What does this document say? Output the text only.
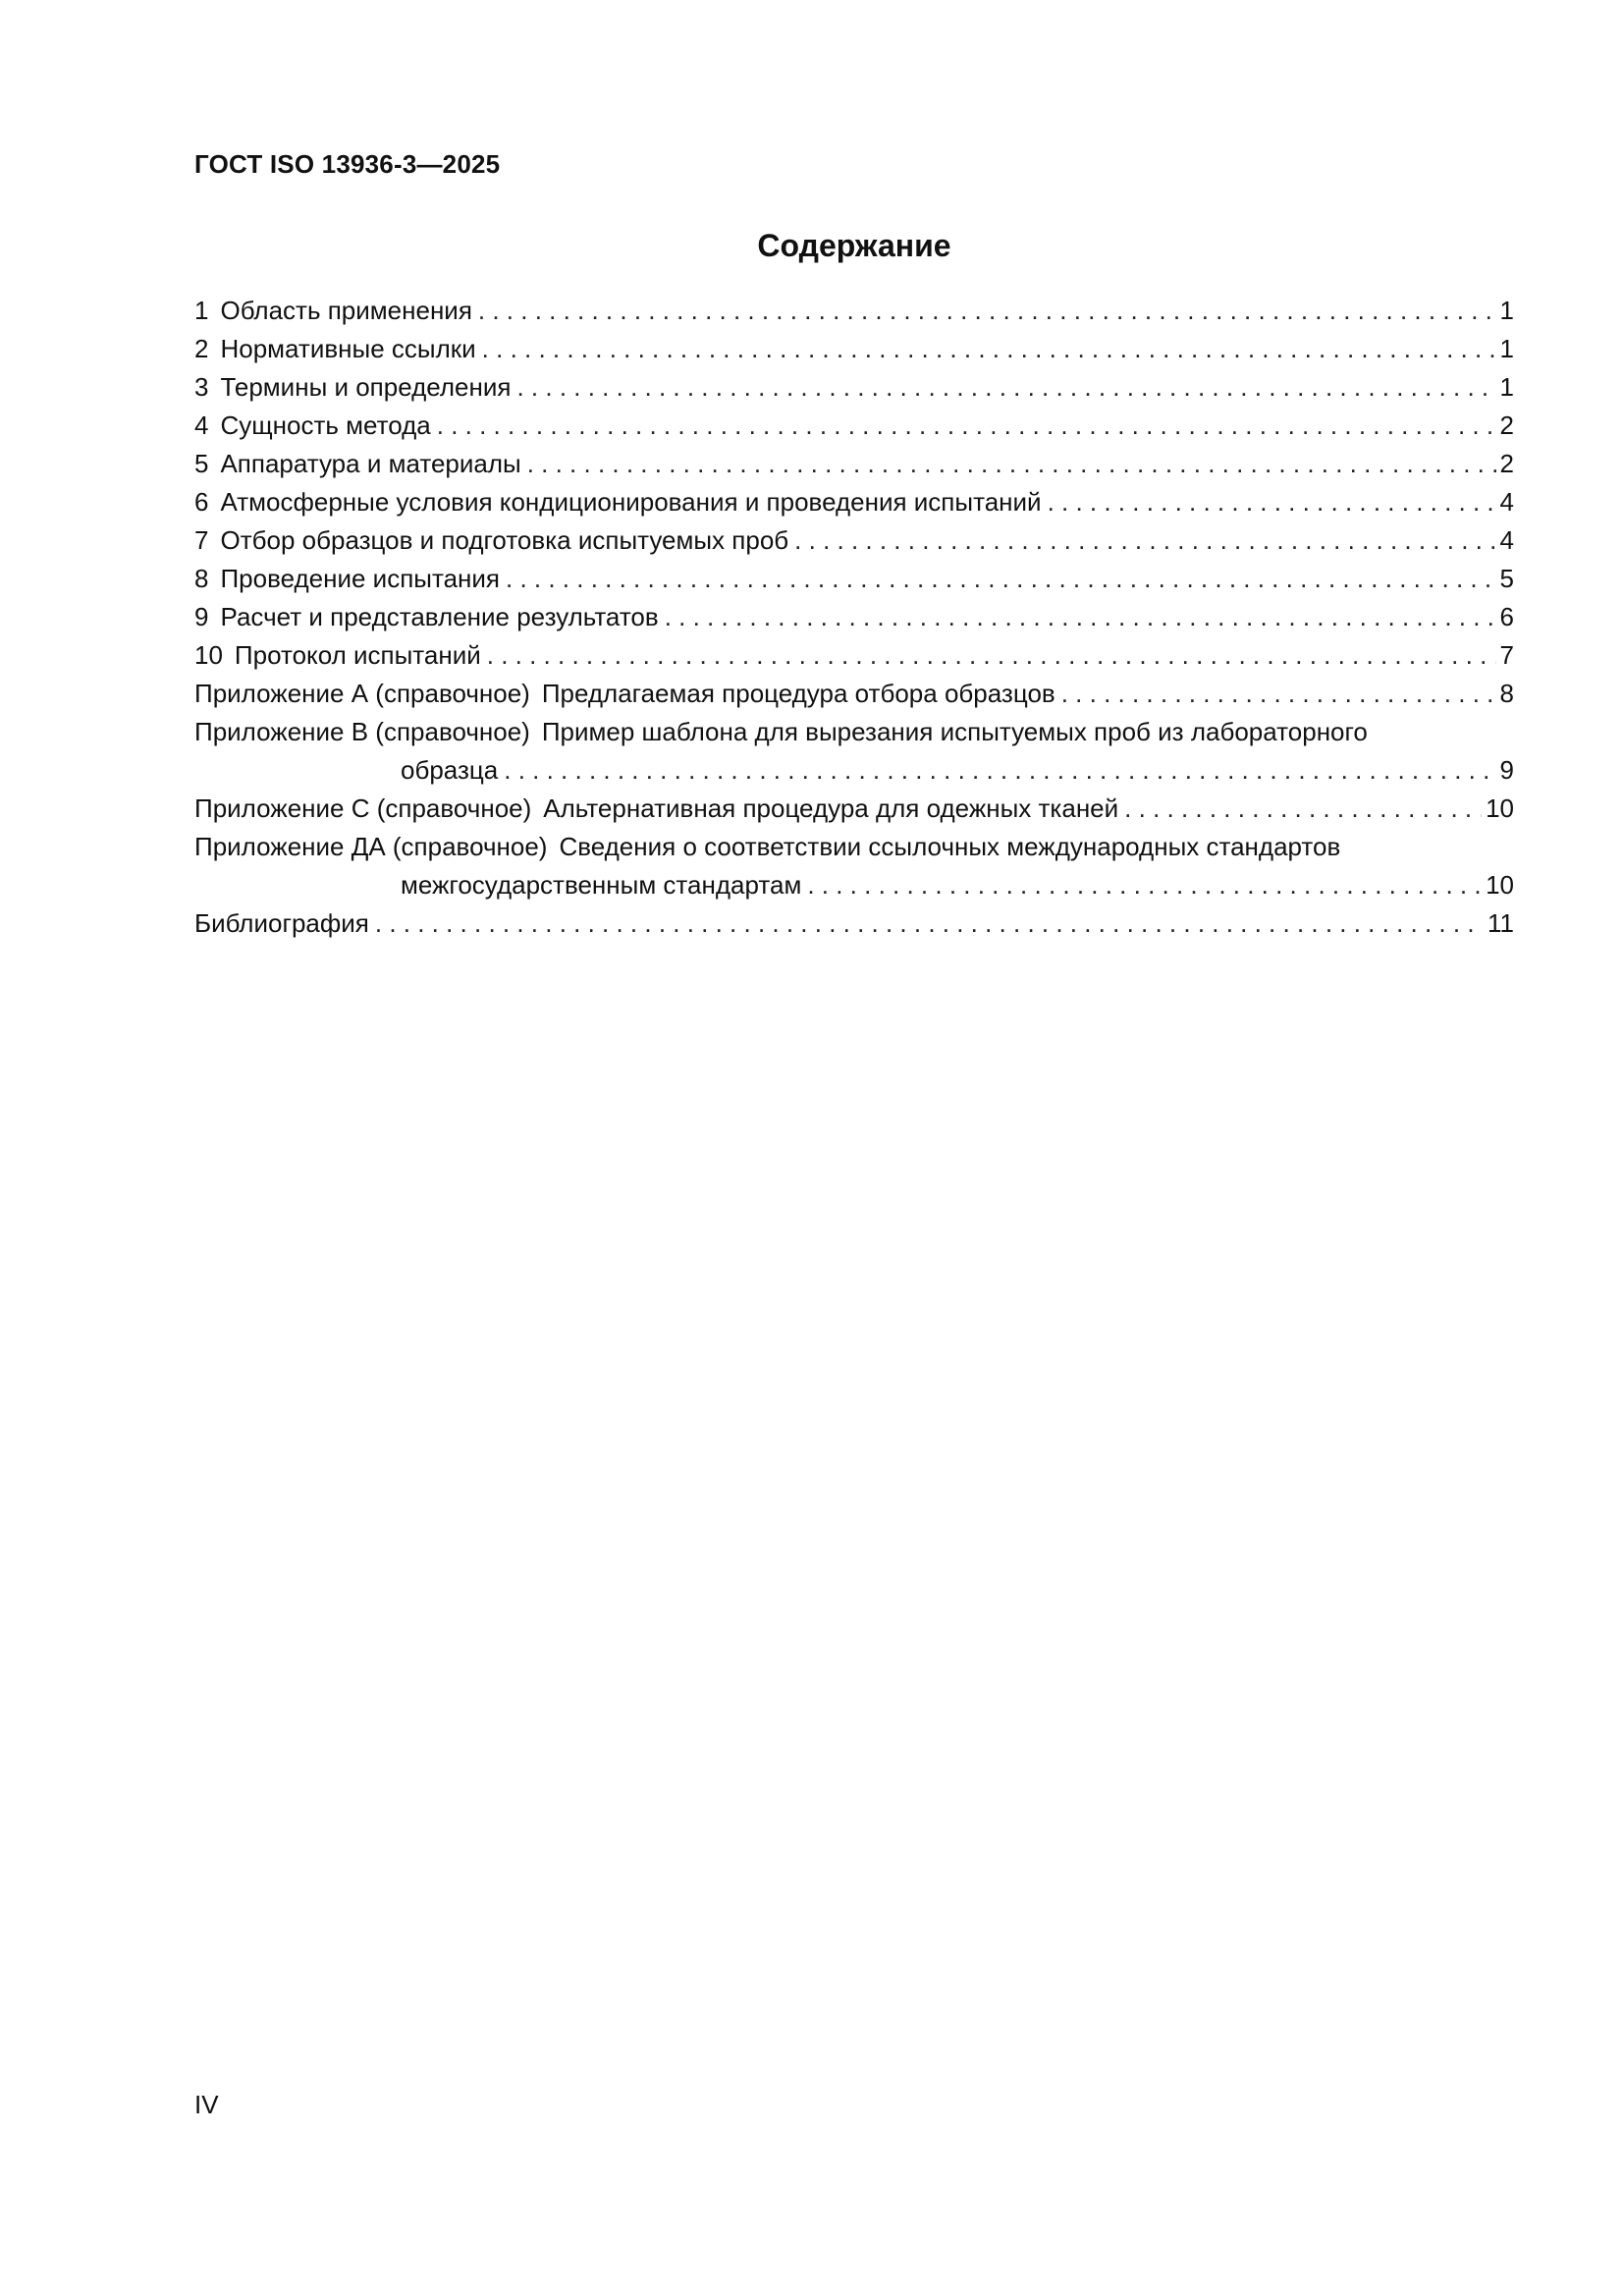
ГОСТ ISO 13936-3—2025
Содержание
1 Область применения . . .	1
2 Нормативные ссылки . . .	1
3 Термины и определения . . .	1
4 Сущность метода . . .	2
5 Аппаратура и материалы . . .	2
6 Атмосферные условия кондиционирования и проведения испытаний . . .	4
7 Отбор образцов и подготовка испытуемых проб . . .	4
8 Проведение испытания . . .	5
9 Расчет и представление результатов . . .	6
10 Протокол испытаний . . .	7
Приложение А (справочное) Предлагаемая процедура отбора образцов . . .	8
Приложение В (справочное) Пример шаблона для вырезания испытуемых проб из лабораторного
образца . . .	9
Приложение С (справочное) Альтернативная процедура для одежных тканей . . .	10
Приложение ДА (справочное) Сведения о соответствии ссылочных международных стандартов
межгосударственным стандартам . . .	10
Библиография . . .	11
IV
